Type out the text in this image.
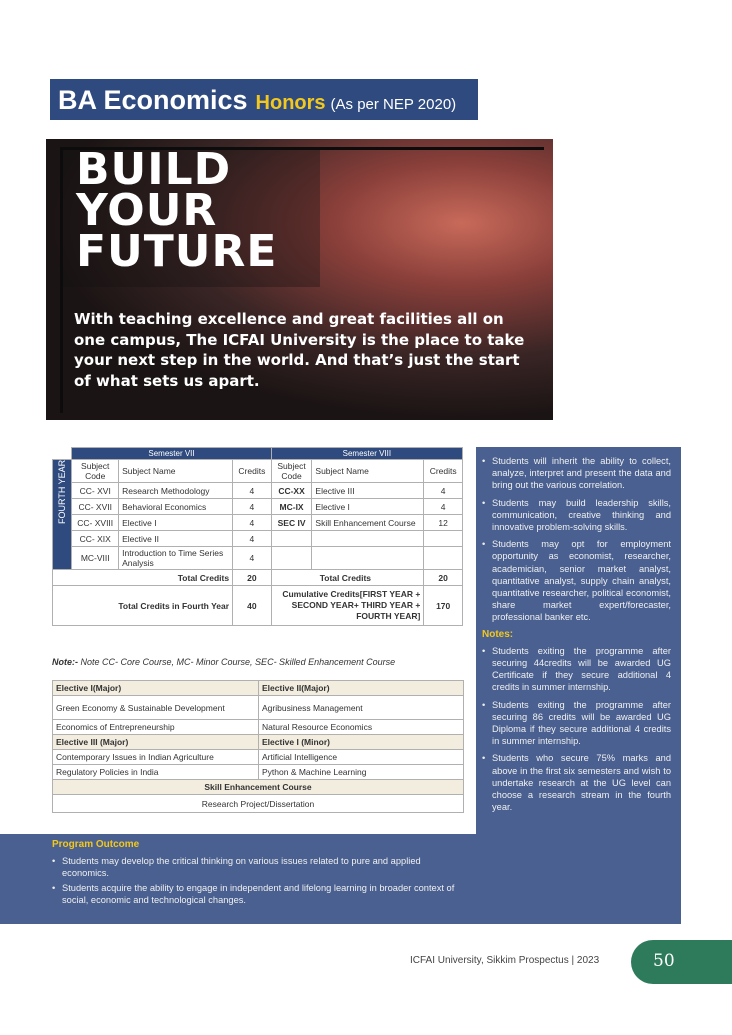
BA Economics Honors (As per NEP 2020)
BUILD
YOUR
FUTURE
With teaching excellence and great facilities all on one campus, The ICFAI University is the place to take your next step in the world. And that’s just the start of what sets us apart.
	Semester VII			Semester VIII		

FOURTH YEAR	Subject Code	Subject Name	Credits	Subject Code	Subject Name	Credits
	CC- XVI	Research Methodology	4	CC-XX	Elective III	4
	CC- XVII	Behavioral Economics	4	MC-IX	Elective I	4
	CC- XVIII	Elective I	4	SEC IV	Skill Enhancement Course	12
	CC- XIX	Elective II	4			
	MC-VIII	Introduction to Time Series Analysis	4			
Total Credits			20	Total Credits		20
Total Credits in Fourth Year			40	Cumulative Credits[FIRST YEAR + SECOND YEAR+ THIRD YEAR + FOURTH YEAR]		170
Note:- Note CC- Core Course, MC- Minor Course, SEC- Skilled Enhancement Course
Elective I(Major)	Elective II(Major)
Green Economy & Sustainable Development	Agribusiness Management
Economics of Entrepreneurship	Natural Resource Economics
Elective III (Major)	Elective I (Minor)
Contemporary Issues in Indian Agriculture	Artificial Intelligence
Regulatory Policies in India	Python & Machine Learning
Skill Enhancement Course	
Research Project/Dissertation	
• Students will inherit the ability to collect, analyze, interpret and present the data and bring out the various correlation.
• Students may build leadership skills, communication, creative thinking and innovative problem-solving skills.
• Students may opt for employment opportunity as economist, researcher, academician, senior market analyst, quantitative analyst, supply chain analyst, quantitative researcher, political economist, share market expert/forecaster, professional banker etc.
Notes:
• Students exiting the programme after securing 44credits will be awarded UG Certificate if they secure additional 4 credits in summer internship.
• Students exiting the programme after securing 86 credits will be awarded UG Diploma if they secure additional 4 credits in summer internship.
• Students who secure 75% marks and above in the first six semesters and wish to undertake research at the UG level can choose a research stream in the fourth year.
Program Outcome
• Students may develop the critical thinking on various issues related to pure and applied economics.
• Students acquire the ability to engage in independent and lifelong learning in broader context of social, economic and technological changes.
ICFAI University, Sikkim Prospectus | 2023	50
